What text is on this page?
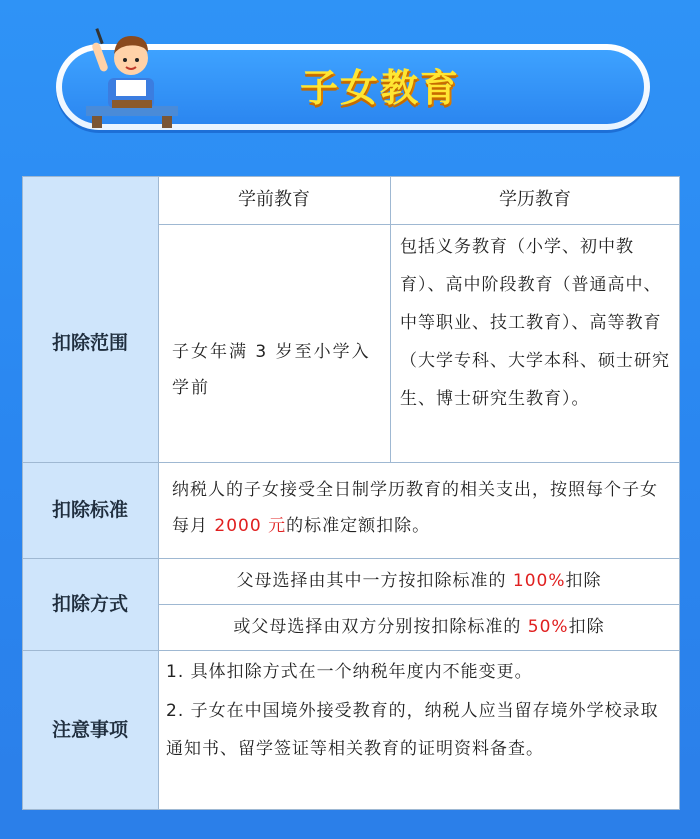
子女教育
学前教育	学历教育
扣除范围	子女年满 3 岁至小学入学前
包括义务教育（小学、初中教育）、高中阶段教育（普通高中、中等职业、技工教育）、高等教育（大学专科、大学本科、硕士研究生、博士研究生教育）。
扣除标准
纳税人的子女接受全日制学历教育的相关支出，按照每个子女每月 2000 元的标准定额扣除。
扣除方式
父母选择由其中一方按扣除标准的 100%扣除
或父母选择由双方分别按扣除标准的 50%扣除
注意事项
1. 具体扣除方式在一个纳税年度内不能变更。
2. 子女在中国境外接受教育的，纳税人应当留存境外学校录取通知书、留学签证等相关教育的证明资料备查。
